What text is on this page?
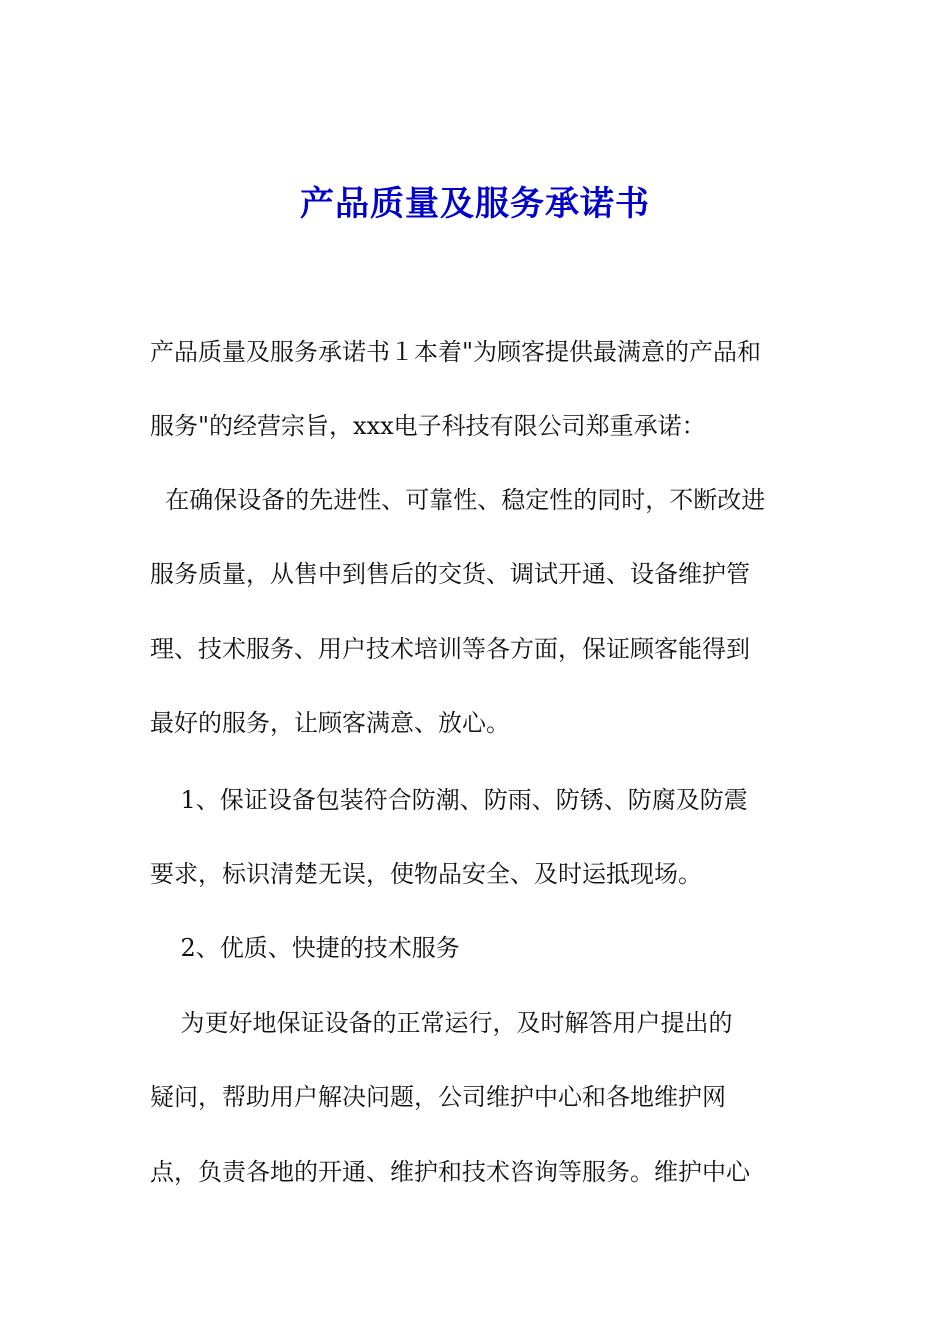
产品质量及服务承诺书
产品质量及服务承诺书１本着"为顾客提供最满意的产品和
服务"的经营宗旨，xxx电子科技有限公司郑重承诺：
在确保设备的先进性、可靠性、稳定性的同时，不断改进
服务质量，从售中到售后的交货、调试开通、设备维护管
理、技术服务、用户技术培训等各方面，保证顾客能得到
最好的服务，让顾客满意、放心。
1、保证设备包装符合防潮、防雨、防锈、防腐及防震
要求，标识清楚无误，使物品安全、及时运抵现场。
2、优质、快捷的技术服务
为更好地保证设备的正常运行，及时解答用户提出的
疑问，帮助用户解决问题，公司维护中心和各地维护网
点，负责各地的开通、维护和技术咨询等服务。维护中心
